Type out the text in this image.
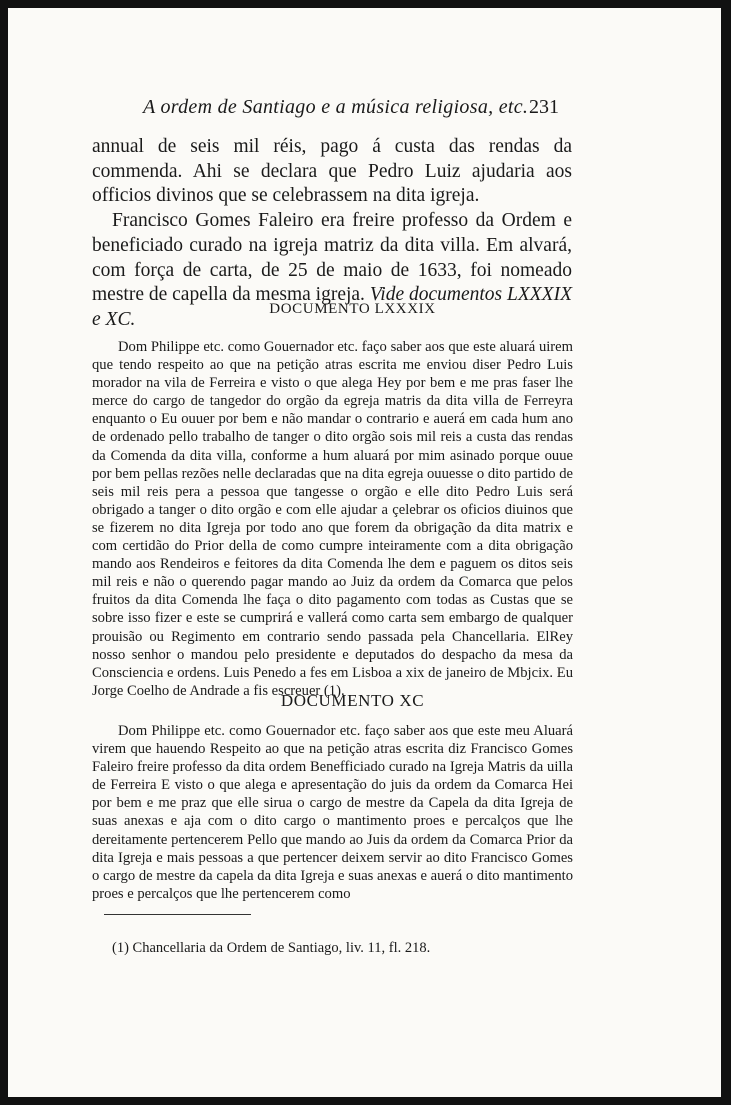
A ordem de Santiago e a música religiosa, etc. 231

annual de seis mil réis, pago á custa das rendas da commenda. Ahi se declara que Pedro Luiz ajudaria aos officios divinos que se celebrassem na dita igreja.

Francisco Gomes Faleiro era freire professo da Ordem e beneficiado curado na igreja matriz da dita villa. Em alvará, com força de carta, de 25 de maio de 1633, foi nomeado mestre de capella da mesma igreja. Vide documentos LXXXIX e XC.	DOCUMENTO LXXXIX

Dom Philippe etc. como Gouernador etc. faço saber aos que este aluará uirem que tendo respeito ao que na petição atras escrita me enviou diser Pedro Luis morador na vila de Ferreira e visto o que alega Hey por bem e me pras faser lhe merce do cargo de tangedor do orgão da egreja matris da dita villa de Ferreyra enquanto o Eu ouuer por bem e não mandar o contrario e auerá em cada hum ano de ordenado pello trabalho de tanger o dito orgão sois mil reis a custa das rendas da Comenda da dita villa, conforme a hum aluará por mim asinado porque ouue por bem pellas rezões nelle declaradas que na dita egreja ouuesse o dito partido de seis mil reis pera a pessoa que tangesse o orgão e elle dito Pedro Luis será obrigado a tanger o dito orgão e com elle ajudar a çelebrar os oficios diuinos que se fizerem no dita Igreja por todo ano que forem da obrigação da dita matrix e com certidão do Prior della de como cumpre inteiramente com a dita obrigação mando aos Rendeiros e feitores da dita Comenda lhe dem e paguem os ditos seis mil reis e não o querendo pagar mando ao Juiz da ordem da Comarca que pelos fruitos da dita Comenda lhe faça o dito pagamento com todas as Custas que se sobre isso fizer e este se cumprirá e vallerá como carta sem embargo de qualquer prouisão ou Regimento em contrario sendo passada pela Chancellaria. ElRey nosso senhor o mandou pelo presidente e deputados do despacho da mesa da Consciencia e ordens. Luis Penedo a fes em Lisboa a xix de janeiro de Mbjcix. Eu Jorge Coelho de Andrade a fis escreuer (1).

DOCUMENTO XC

Dom Philippe etc. como Gouernador etc. faço saber aos que este meu Aluará virem que hauendo Respeito ao que na petição atras escrita diz Francisco Gomes Faleiro freire professo da dita ordem Benefficiado curado na Igreja Matris da uilla de Ferreira E visto o que alega e apresentação do juis da ordem da Comarca Hei por bem e me praz que elle sirua o cargo de mestre da Capela da dita Igreja de suas anexas e aja com o dito cargo o mantimento proes e percalços que lhe dereitamente pertencerem Pello que mando ao Juis da ordem da Comarca Prior da dita Igreja e mais pessoas a que pertencer deixem servir ao dito Francisco Gomes o cargo de mestre da capela da dita Igreja e suas anexas e auerá o dito mantimento proes e percalços que lhe pertencerem como

(1) Chancellaria da Ordem de Santiago, liv. 11, fl. 218.
